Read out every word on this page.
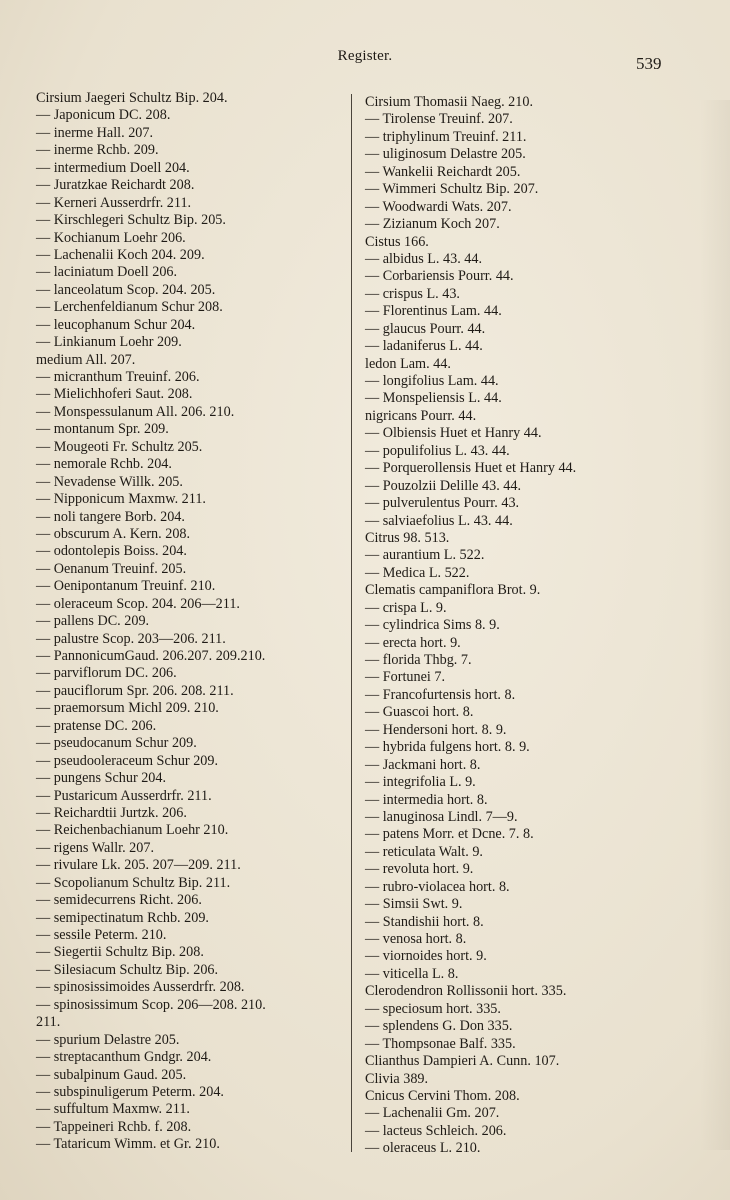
Register.	539
Cirsium Jaegeri Schultz Bip. 204.
— Japonicum DC. 208.
— inerme Hall. 207.
— inerme Rchb. 209.
— intermedium Doell 204.
— Juratzkae Reichardt 208.
— Kerneri Ausserdrfr. 211.
— Kirschlegeri Schultz Bip. 205.
— Kochianum Loehr 206.
— Lachenalii Koch 204. 209.
— laciniatum Doell 206.
— lanceolatum Scop. 204. 205.
— Lerchenfeldianum Schur 208.
— leucophanum Schur 204.
— Linkianum Loehr 209.
medium All. 207.
— micranthum Treuinf. 206.
— Mielichhoferi Saut. 208.
— Monspessulanum All. 206. 210.
— montanum Spr. 209.
— Mougeoti Fr. Schultz 205.
— nemorale Rchb. 204.
— Nevadense Willk. 205.
— Nipponicum Maxmw. 211.
— noli tangere Borb. 204.
— obscurum A. Kern. 208.
— odontolepis Boiss. 204.
— Oenanum Treuinf. 205.
— Oenipontanum Treuinf. 210.
— oleraceum Scop. 204. 206—211.
— pallens DC. 209.
— palustre Scop. 203—206. 211.
— PannonicumGaud. 206.207. 209.210.
— parviflorum DC. 206.
— pauciflorum Spr. 206. 208. 211.
— praemorsum Michl 209. 210.
— pratense DC. 206.
— pseudocanum Schur 209.
— pseudooleraceum Schur 209.
— pungens Schur 204.
— Pustaricum Ausserdrfr. 211.
— Reichardtii Jurtzk. 206.
— Reichenbachianum Loehr 210.
— rigens Wallr. 207.
— rivulare Lk. 205. 207—209. 211.
— Scopolianum Schultz Bip. 211.
— semidecurrens Richt. 206.
— semipectinatum Rchb. 209.
— sessile Peterm. 210.
— Siegertii Schultz Bip. 208.
— Silesiacum Schultz Bip. 206.
— spinosissimoides Ausserdrfr. 208.
— spinosissimum Scop. 206—208. 210.
211.
— spurium Delastre 205.
— streptacanthum Gndgr. 204.
— subalpinum Gaud. 205.
— subspinuligerum Peterm. 204.
— suffultum Maxmw. 211.
— Tappeineri Rchb. f. 208.
— Tataricum Wimm. et Gr. 210.
Cirsium Thomasii Naeg. 210.
— Tirolense Treuinf. 207.
— triphylinum Treuinf. 211.
— uliginosum Delastre 205.
— Wankelii Reichardt 205.
— Wimmeri Schultz Bip. 207.
— Woodwardi Wats. 207.
— Zizianum Koch 207.
Cistus 166.
— albidus L. 43. 44.
— Corbariensis Pourr. 44.
— crispus L. 43.
— Florentinus Lam. 44.
— glaucus Pourr. 44.
— ladaniferus L. 44.
ledon Lam. 44.
— longifolius Lam. 44.
— Monspeliensis L. 44.
nigricans Pourr. 44.
— Olbiensis Huet et Hanry 44.
— populifolius L. 43. 44.
— Porquerollensis Huet et Hanry 44.
— Pouzolzii Delille 43. 44.
— pulverulentus Pourr. 43.
— salviaefolius L. 43. 44.
Citrus 98. 513.
— aurantium L. 522.
— Medica L. 522.
Clematis campaniflora Brot. 9.
— crispa L. 9.
— cylindrica Sims 8. 9.
— erecta hort. 9.
— florida Thbg. 7.
— Fortunei 7.
— Francofurtensis hort. 8.
— Guascoi hort. 8.
— Hendersoni hort. 8. 9.
— hybrida fulgens hort. 8. 9.
— Jackmani hort. 8.
— integrifolia L. 9.
— intermedia hort. 8.
— lanuginosa Lindl. 7—9.
— patens Morr. et Dcne. 7. 8.
— reticulata Walt. 9.
— revoluta hort. 9.
— rubro-violacea hort. 8.
— Simsii Swt. 9.
— Standishii hort. 8.
— venosa hort. 8.
— viornoides hort. 9.
— viticella L. 8.
Clerodendron Rollissonii hort. 335.
— speciosum hort. 335.
— splendens G. Don 335.
— Thompsonae Balf. 335.
Clianthus Dampieri A. Cunn. 107.
Clivia 389.
Cnicus Cervini Thom. 208.
— Lachenalii Gm. 207.
— lacteus Schleich. 206.
— oleraceus L. 210.
